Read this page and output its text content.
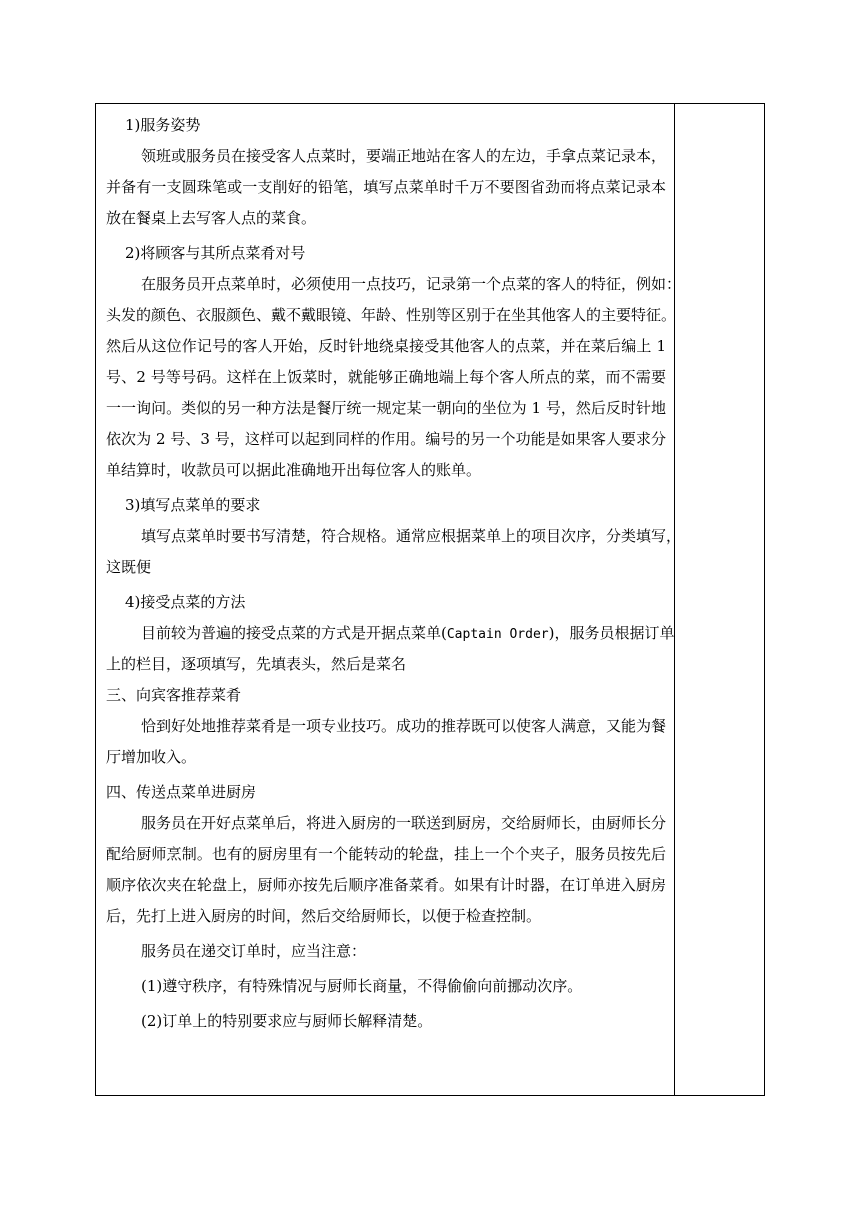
1)服务姿势
领班或服务员在接受客人点菜时，要端正地站在客人的左边，手拿点菜记录本，
并备有一支圆珠笔或一支削好的铅笔，填写点菜单时千万不要图省劲而将点菜记录本
放在餐桌上去写客人点的菜食。
2)将顾客与其所点菜肴对号
在服务员开点菜单时，必须使用一点技巧，记录第一个点菜的客人的特征，例如：
头发的颜色、衣服颜色、戴不戴眼镜、年龄、性别等区别于在坐其他客人的主要特征。
然后从这位作记号的客人开始，反时针地绕桌接受其他客人的点菜，并在菜后编上 1
号、2 号等号码。这样在上饭菜时，就能够正确地端上每个客人所点的菜，而不需要
一一询问。类似的另一种方法是餐厅统一规定某一朝向的坐位为 1 号，然后反时针地
依次为 2 号、3 号，这样可以起到同样的作用。编号的另一个功能是如果客人要求分
单结算时，收款员可以据此准确地开出每位客人的账单。
3)填写点菜单的要求
填写点菜单时要书写清楚，符合规格。通常应根据菜单上的项目次序，分类填写，
这既便
4)接受点菜的方法
目前较为普遍的接受点菜的方式是开据点菜单(Captain Order)，服务员根据订单
上的栏目，逐项填写，先填表头，然后是菜名
三、向宾客推荐菜肴
恰到好处地推荐菜肴是一项专业技巧。成功的推荐既可以使客人满意，又能为餐
厅增加收入。
四、传送点菜单进厨房
服务员在开好点菜单后，将进入厨房的一联送到厨房，交给厨师长，由厨师长分
配给厨师烹制。也有的厨房里有一个能转动的轮盘，挂上一个个夹子，服务员按先后
顺序依次夹在轮盘上，厨师亦按先后顺序准备菜肴。如果有计时器，在订单进入厨房
后，先打上进入厨房的时间，然后交给厨师长，以便于检查控制。
服务员在递交订单时，应当注意：
(1)遵守秩序，有特殊情况与厨师长商量，不得偷偷向前挪动次序。
(2)订单上的特别要求应与厨师长解释清楚。
